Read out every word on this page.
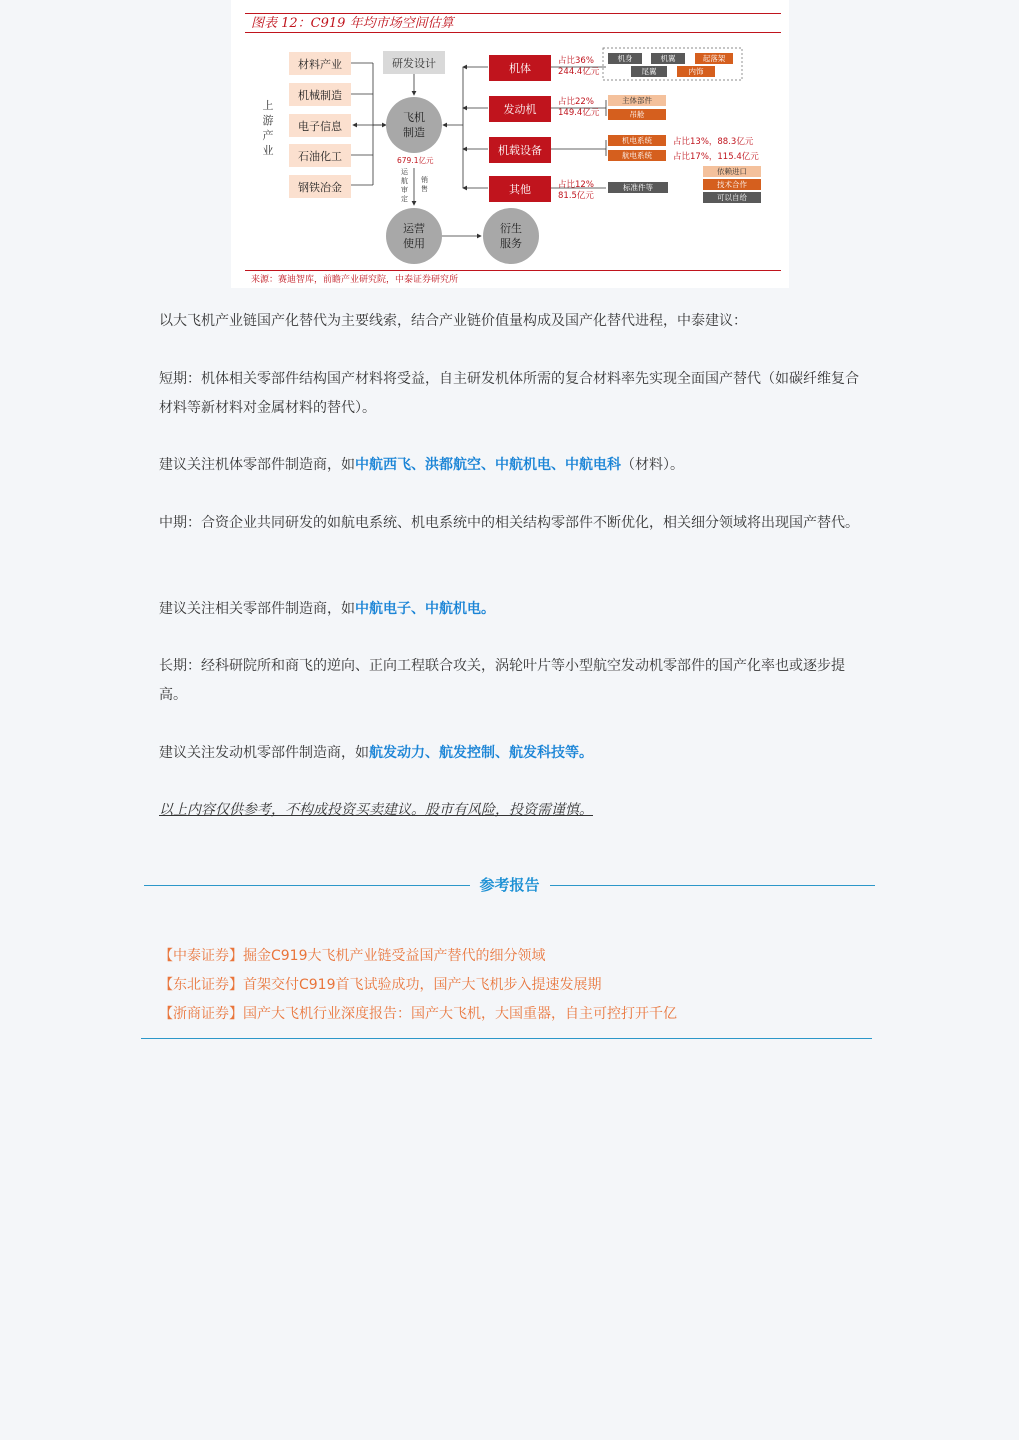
图表 12：C919 年均市场空间估算
上游产业
材料产业
机械制造
电子信息
石油化工
钢铁冶金
研发设计
飞机制造
679.1亿元
运航审定
销售
运营使用
衍生服务
机体
发动机
机载设备
其他
占比36%
244.4亿元
占比22%
149.4亿元
占比12%
81.5亿元
机身	机翼	起落架
尾翼	内饰
主体部件
吊舱
机电系统	占比13%，88.3亿元
航电系统	占比17%，115.4亿元
标准件等
依赖进口
技术合作
可以自给
来源：赛迪智库，前瞻产业研究院，中泰证券研究所
以大飞机产业链国产化替代为主要线索，结合产业链价值量构成及国产化替代进程，中泰建议：
短期：机体相关零部件结构国产材料将受益，自主研发机体所需的复合材料率先实现全面国产替代（如碳纤维复合材料等新材料对金属材料的替代）。
建议关注机体零部件制造商，如中航西飞、洪都航空、中航机电、中航电科（材料）。
中期：合资企业共同研发的如航电系统、机电系统中的相关结构零部件不断优化，相关细分领域将出现国产替代。
建议关注相关零部件制造商，如中航电子、中航机电。
长期：经科研院所和商飞的逆向、正向工程联合攻关，涡轮叶片等小型航空发动机零部件的国产化率也或逐步提高。
建议关注发动机零部件制造商，如航发动力、航发控制、航发科技等。
以上内容仅供参考，不构成投资买卖建议。股市有风险，投资需谨慎。
参考报告
【中泰证券】掘金C919大飞机产业链受益国产替代的细分领域
【东北证券】首架交付C919首飞试验成功，国产大飞机步入提速发展期
【浙商证券】国产大飞机行业深度报告：国产大飞机，大国重器，自主可控打开千亿
